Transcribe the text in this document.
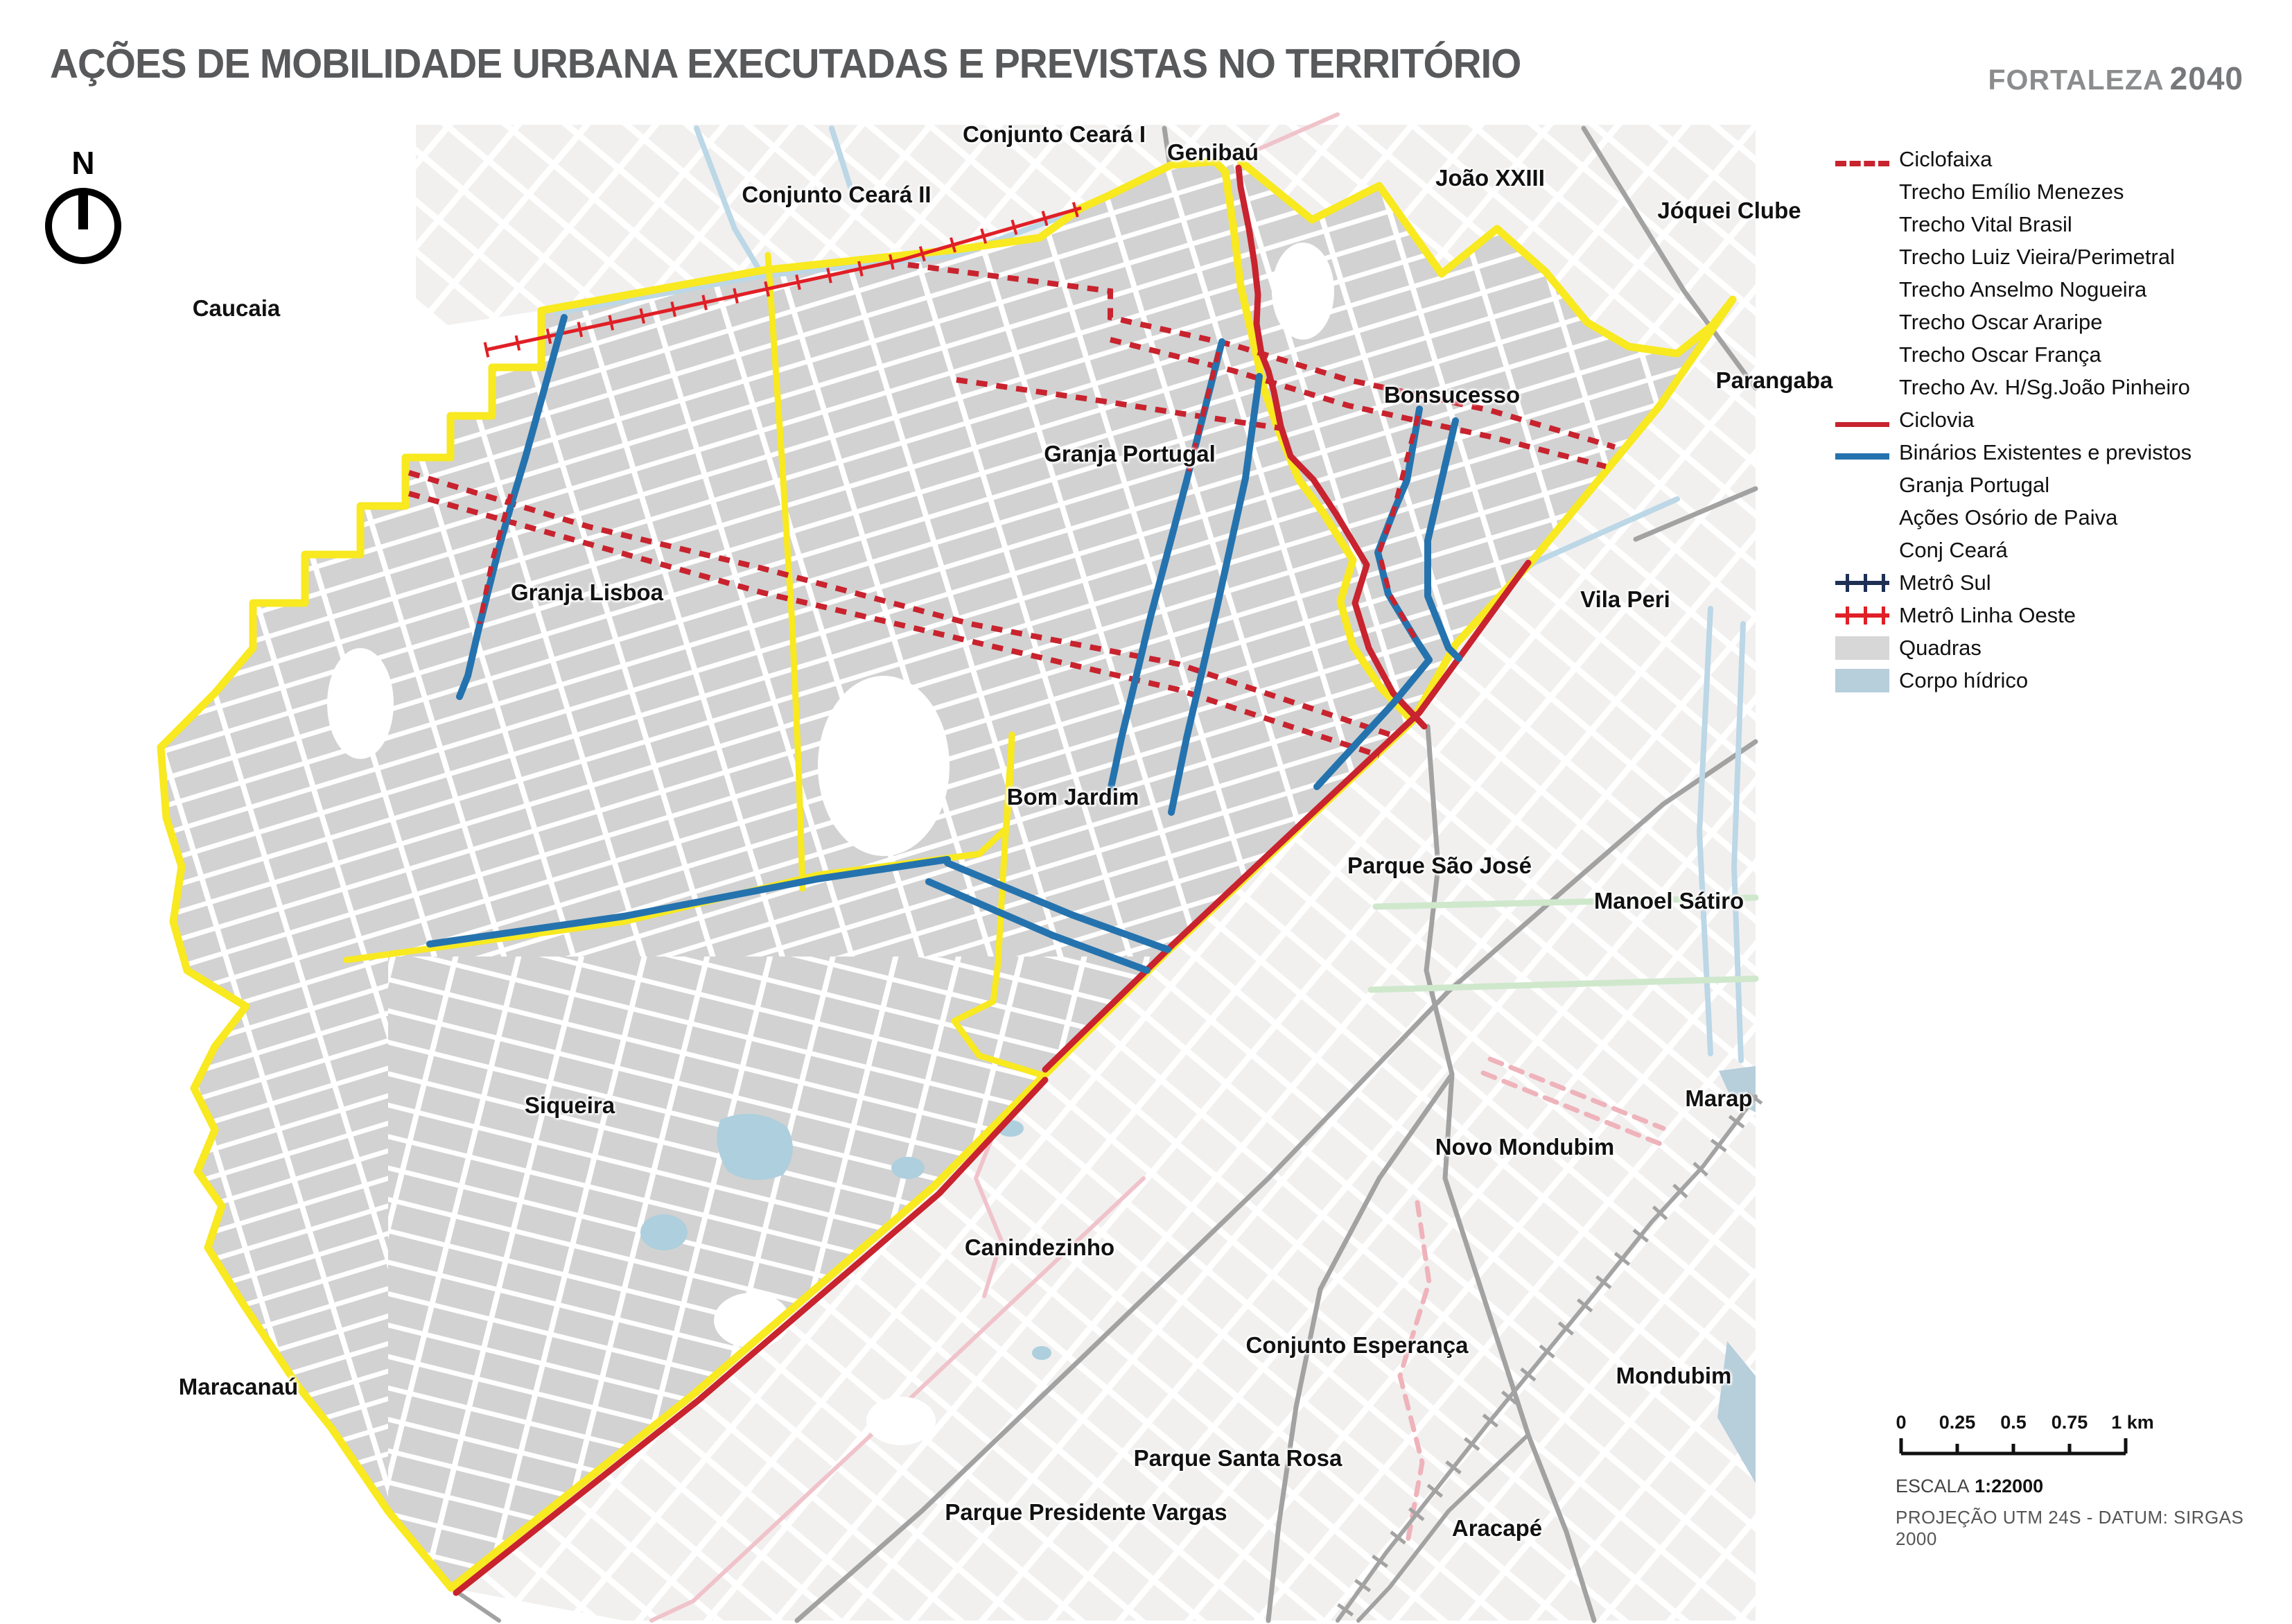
Conjunto Ceará I
Genibaú
João XXIII
Jóquei Clube
Conjunto Ceará II
Caucaia
Parangaba
Bonsucesso
Granja Portugal
Granja Lisboa	Vila Peri
Bom Jardim
Parque São José
Manoel Sátiro
Siqueira	Marap
Novo Mondubim
Canindezinho
Conjunto Esperança
Mondubim
Maracanaú
Parque Santa Rosa
Parque Presidente Vargas
Aracapé
N
AÇÕES DE MOBILIDADE URBANA EXECUTADAS E PREVISTAS NO TERRITÓRIO	FORTALEZA 2040
Ciclofaixa
Trecho Emílio Menezes
Trecho Vital Brasil
Trecho Luiz Vieira/Perimetral
Trecho Anselmo Nogueira
Trecho Oscar Araripe
Trecho Oscar França
Trecho Av. H/Sg.João Pinheiro
Ciclovia
Binários Existentes e previstos
Granja Portugal
Ações Osório de Paiva
Conj Ceará
Metrô Sul
Metrô Linha Oeste
Quadras
Corpo hídrico
0 0.25 0.5 0.75 1 km
ESCALA 1:22000
PROJEÇÃO UTM 24S - DATUM: SIRGAS 2000
